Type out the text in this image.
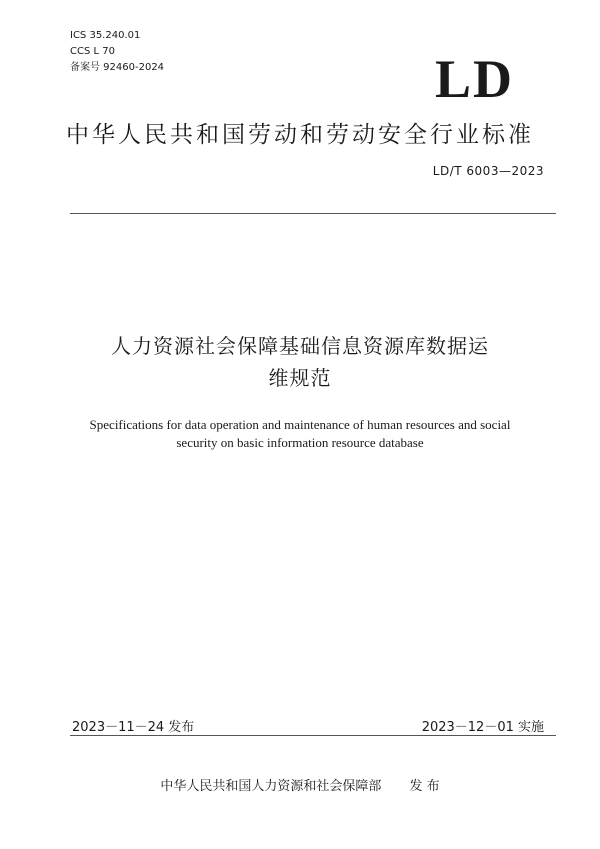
ICS 35.240.01
CCS L 70
备案号 92460-2024	LD
中华人民共和国劳动和劳动安全行业标准
LD/T 6003—2023
人力资源社会保障基础信息资源库数据运
维规范
Specifications for data operation and maintenance of human resources and social
security on basic information resource database
2023－11－24 发布	2023－12－01 实施
中华人民共和国人力资源和社会保障部 发 布
